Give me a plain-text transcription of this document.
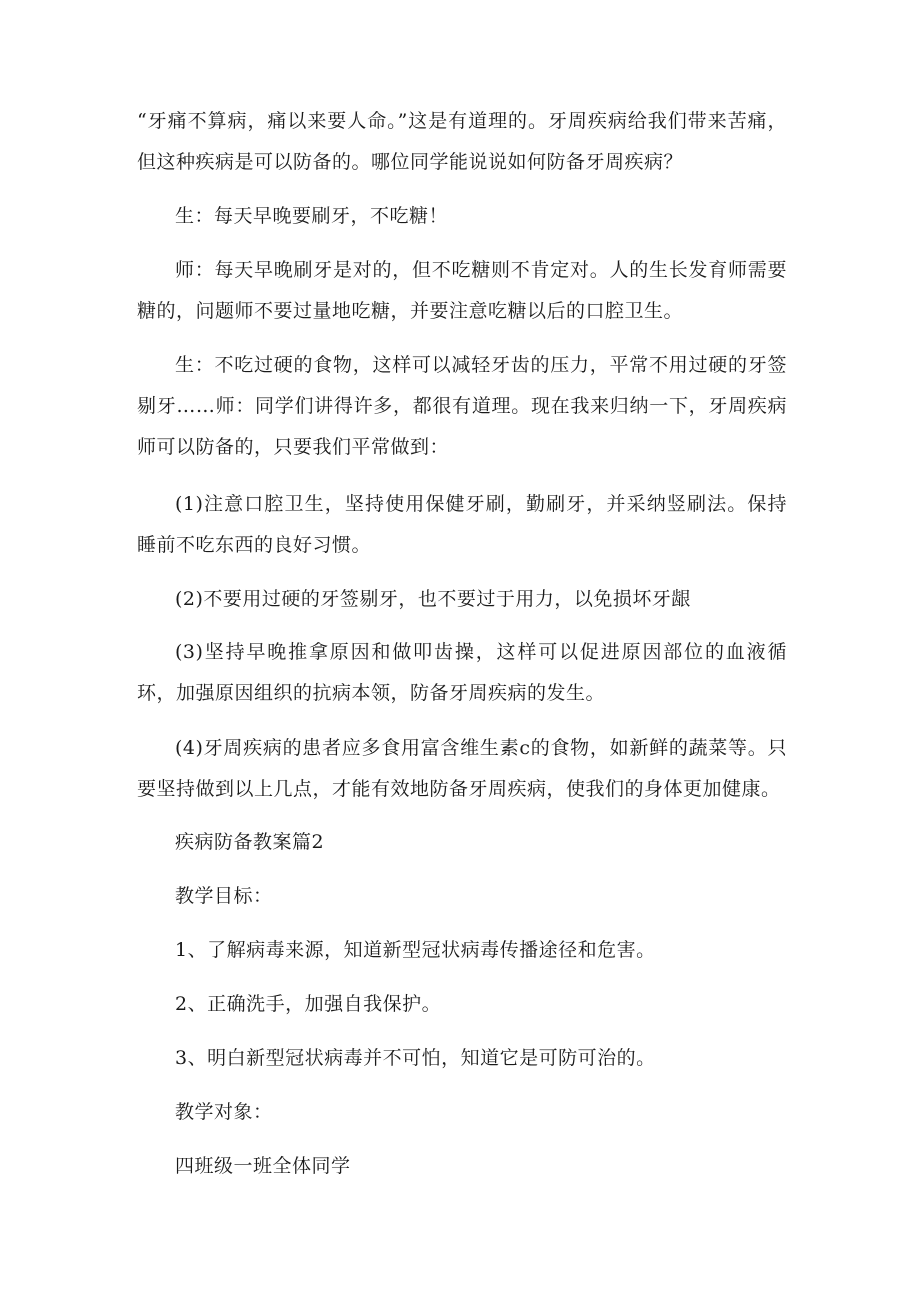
“牙痛不算病，痛以来要人命。”这是有道理的。牙周疾病给我们带来苦痛，但这种疾病是可以防备的。哪位同学能说说如何防备牙周疾病？

生：每天早晚要刷牙，不吃糖！

师：每天早晚刷牙是对的，但不吃糖则不肯定对。人的生长发育师需要糖的，问题师不要过量地吃糖，并要注意吃糖以后的口腔卫生。

生：不吃过硬的食物，这样可以减轻牙齿的压力，平常不用过硬的牙签剔牙……师：同学们讲得许多，都很有道理。现在我来归纳一下，牙周疾病师可以防备的，只要我们平常做到：

(1)注意口腔卫生，坚持使用保健牙刷，勤刷牙，并采纳竖刷法。保持睡前不吃东西的良好习惯。

(2)不要用过硬的牙签剔牙，也不要过于用力，以免损坏牙龈

(3)坚持早晚推拿原因和做叩齿操，这样可以促进原因部位的血液循环，加强原因组织的抗病本领，防备牙周疾病的发生。

(4)牙周疾病的患者应多食用富含维生素c的食物，如新鲜的蔬菜等。只要坚持做到以上几点，才能有效地防备牙周疾病，使我们的身体更加健康。

疾病防备教案篇2
教学目标：
1、了解病毒来源，知道新型冠状病毒传播途径和危害。
2、正确洗手，加强自我保护。
3、明白新型冠状病毒并不可怕，知道它是可防可治的。
教学对象：
四班级一班全体同学
